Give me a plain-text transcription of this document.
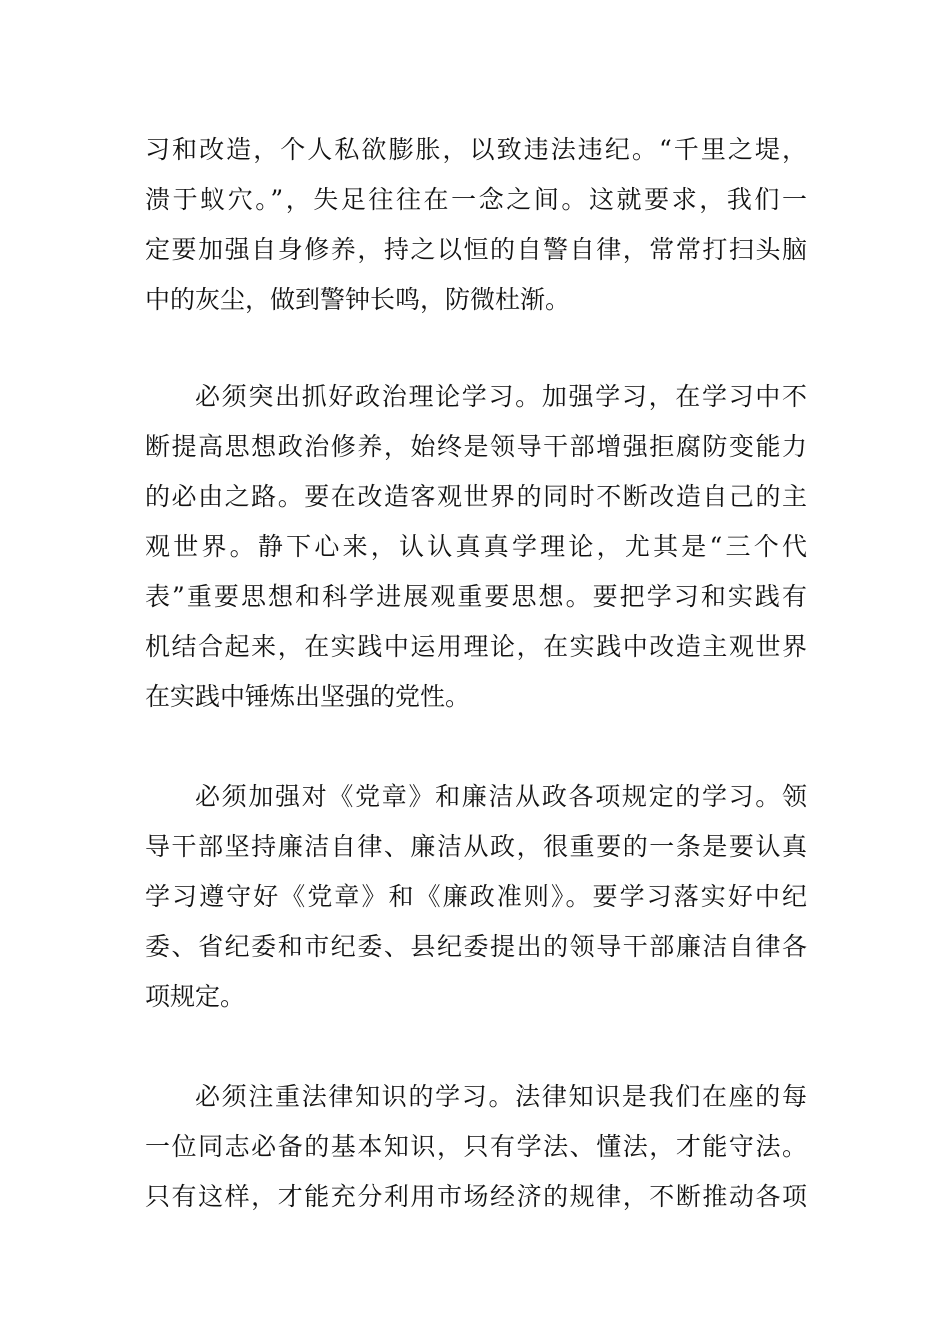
习和改造，个人私欲膨胀，以致违法违纪。“千里之堤，
溃于蚁穴。”，失足往往在一念之间。这就要求，我们一
定要加强自身修养，持之以恒的自警自律，常常打扫头脑
中的灰尘，做到警钟长鸣，防微杜渐。
必须突出抓好政治理论学习。加强学习，在学习中不
断提高思想政治修养，始终是领导干部增强拒腐防变能力
的必由之路。要在改造客观世界的同时不断改造自己的主
观世界。静下心来，认认真真学理论，尤其是“三个代
表”重要思想和科学进展观重要思想。要把学习和实践有
机结合起来，在实践中运用理论，在实践中改造主观世界
在实践中锤炼出坚强的党性。
必须加强对《党章》和廉洁从政各项规定的学习。领
导干部坚持廉洁自律、廉洁从政，很重要的一条是要认真
学习遵守好《党章》和《廉政准则》。要学习落实好中纪
委、省纪委和市纪委、县纪委提出的领导干部廉洁自律各
项规定。
必须注重法律知识的学习。法律知识是我们在座的每
一位同志必备的基本知识，只有学法、懂法，才能守法。
只有这样，才能充分利用市场经济的规律，不断推动各项
